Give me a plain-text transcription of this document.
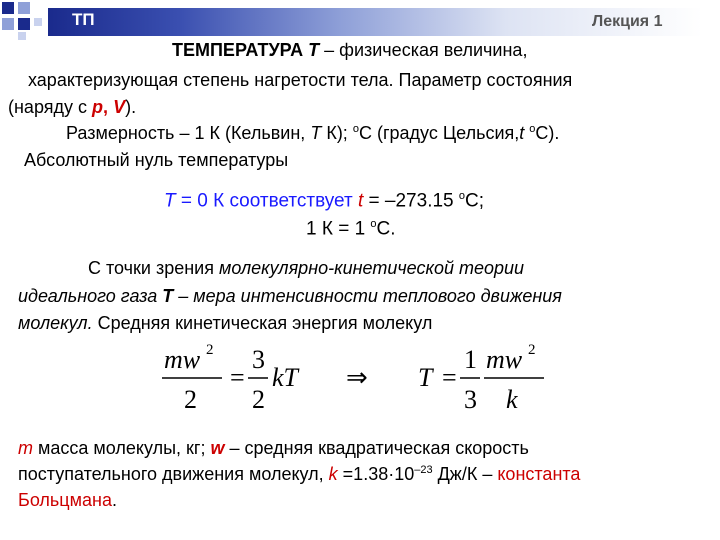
ТП	Лекция 1
ТЕМПЕРАТУРА T – физическая величина,
характеризующая степень нагретости тела. Параметр состояния
(наряду с p, V).
Размерность – 1 К (Кельвин, T К); $^o$С (градус Цельсия,t $^o$С).
Абсолютный нуль температуры
T = 0 К соответствует t = –273.15 $^o$С;
1 К = 1 $^o$С.
С точки зрения молекулярно-кинетической теории
идеального газа T – мера интенсивности теплового движения
молекул. Средняя кинетическая энергия молекул
mw 2
2
=
3
2
kT ⇒ T =
1
3
mw 2
k
m масса молекулы, кг; w – средняя квадратическая скорость
поступательного движения молекул, $k =1.38\cdot 10^{-23}$ Дж/К – константа
Больцмана.
